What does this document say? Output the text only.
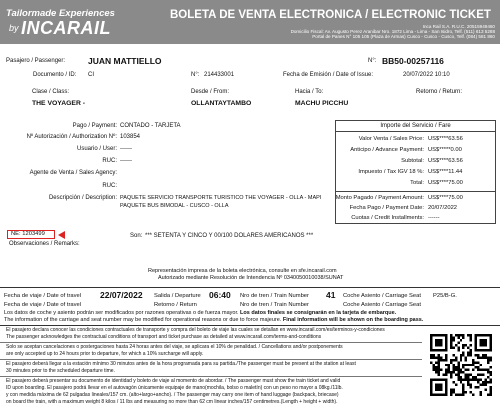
Tailormade Experiences
by INCARAIL
BOLETA DE VENTA ELECTRONICA / ELECTRONIC TICKET
Inca Rail S.A. R.U.C. 20515949460
Domicilio Fiscal: Av. Augusto Perez Aranibar Nro. 1872 Lima - Lima - San Isidro, Telf. (511) 613 5288
Portal de Panes N° 105 105 (Plaza de Armas) Cusco - Cusco - Cusco, Telf. (084) 581 860
Pasajero / Passenger:	JUAN MATTIELLO	N°: BB50-00257116
Documento / ID: CI	N°: 214433001	Fecha de Emisión / Date of Issue:	20/07/2022 10:10
Clase / Class:	Desde / From:	Hacia / To:	Retorno / Return:
THE VOYAGER -	OLLANTAYTAMBO	MACHU PICCHU
Pago / Payment: CONTADO - TARJETA
Nº Autorización / Authorization Nº: 103854
Usuario / User: ------
RUC: ------
Agente de Venta / Sales Agency:
RUC:
Descripción / Description: PAQUETE SERVICIO TRANSPORTE TURISTICO THE VOYAGER - OLLA - MAPI
PAQUETE BUS BIMODAL - CUSCO - OLLA
Importe del Servicio / Fare
Valor Venta / Sales Price: US$****63.56
Anticipo / Advance Payment: US$*****0.00
Subtotal: US$****63.56
Impuesto / Tax IGV 18 %: US$****11.44
Total: US$****75.00
Monto Pagado / Payment Amount: US$****75.00
Fecha Pago / Payment Date: 20/07/2022
Cuotas / Credit Installments: ------
NE: 1203499
Observaciones / Remarks:
Son: *** SETENTA Y CINCO Y 00/100 DOLARES AMERICANOS ***
Representación impresa de la boleta electrónica, consulte en sfe.incarail.com
Autorizado mediante Resolución de Intendencia Nº 0340050010038/SUNAT
Fecha de viaje / Date of travel 22/07/2022 Salida / Departure 06:40 Nro de tren / Train Number 41 Coche Asiento / Carriage Seat P25/B-G.
Fecha de viaje / Date of travel	Retorno / Return	Nro de tren / Train Number	Coche Asiento / Carriage Seat
Los datos de coche y asiento podrán ser modificados por razones operativas o de fuerza mayor. Los datos finales se consignarán en la tarjeta de embarque.
The information of the carriage and seat number may be modified for operational reasons or due to force majeure. Final information will be shown on the boarding pass.
El pasajero declara conocer las condiciones contractuales de transporte y compra del boleto de viaje las cuales se detallan en www.incarail.com/es/terminos-y-condiciones
The passenger acknowledges the contractual conditions of transport and ticket purchase as detailed at www.incarail.com/terms-and-conditions
Solo se aceptan cancelaciones o postergaciones hasta 24 horas antes del viaje, se aplicara el 10% de penalidad. / Cancellations and/or postponements
are only accepted up to 24 hours prior to departure, for which a 10% surcharge will apply.
El pasajero deberá llegar a la estación mínimo 30 minutos antes de la hora programada para su partida./The passenger must be present at the station at least
30 minutes prior to the scheduled departure time.
El pasajero deberá presentar su documento de identidad y boleto de viaje al momento de abordar. / The passenger must show the train ticket and valid
ID upon boarding. El pasajero podrá llevar en el autovagón únicamente equipaje de mano(mochila, bolso o maletín) con un peso no mayor a 08kg./11lb.
y con medida máxima de 62 pulgadas lineales/157 cm. (alto+largo+ancho). / The passenger may carry one item of hand luggage (backpack, briecase)
on board the train, with a maximum weight 8 kilos / 11 lbs and measuring no more than 62 cm linear inches/157 centimetres.(Length + height + width).
